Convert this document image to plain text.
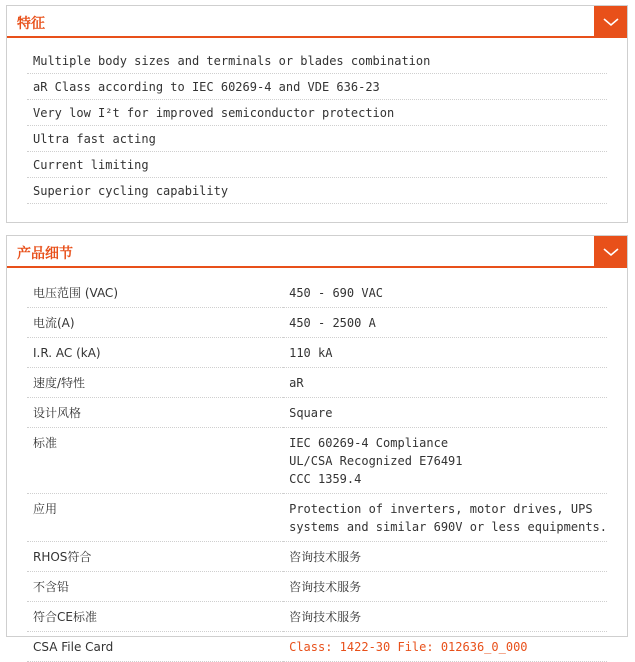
特征
Multiple body sizes and terminals or blades combination
aR Class according to IEC 60269-4 and VDE 636-23
Very low I²t for improved semiconductor protection
Ultra fast acting
Current limiting
Superior cycling capability
产品细节
电压范围 (VAC)	450 - 690 VAC

电流(A)	450 - 2500 A

I.R. AC (kA)	110 kA

速度/特性	aR

设计风格	Square

标准	IEC 60269-4 Compliance
UL/CSA Recognized E76491
CCC 1359.4

应用	Protection of inverters, motor drives, UPS
systems and similar 690V or less equipments.

RHOS符合	咨询技术服务

不含铅	咨询技术服务

符合CE标准	咨询技术服务

CSA File Card	Class: 1422-30 File: 012636_0_000
